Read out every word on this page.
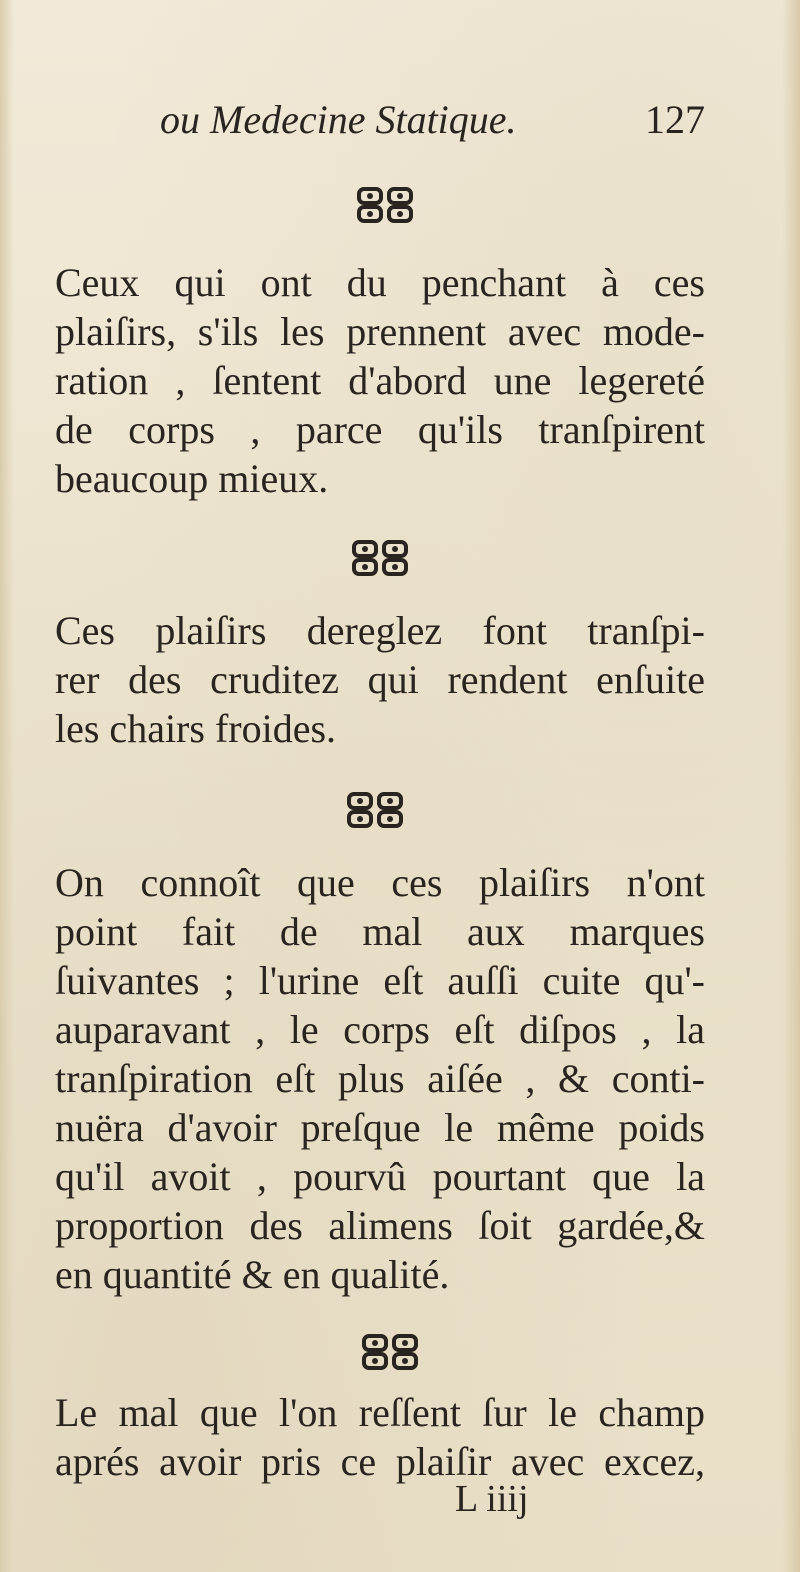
ou Medecine Statique.	127
Ceux qui ont du penchant à ces
plaiſirs, s'ils les prennent avec mode-
ration , ſentent d'abord une legereté
de corps , parce qu'ils tranſpirent
beaucoup mieux.
Ces plaiſirs dereglez font tranſpi-
rer des cruditez qui rendent enſuite
les chairs froides.
On connoît que ces plaiſirs n'ont
point fait de mal aux marques
ſuivantes ; l'urine eſt auſſi cuite qu'-
auparavant , le corps eſt diſpos , la
tranſpiration eſt plus aiſée , & conti-
nuëra d'avoir preſque le même poids
qu'il avoit , pourvû pourtant que la
proportion des alimens ſoit gardée,&
en quantité & en qualité.
Le mal que l'on reſſent ſur le champ
aprés avoir pris ce plaiſir avec excez,
L iiij
